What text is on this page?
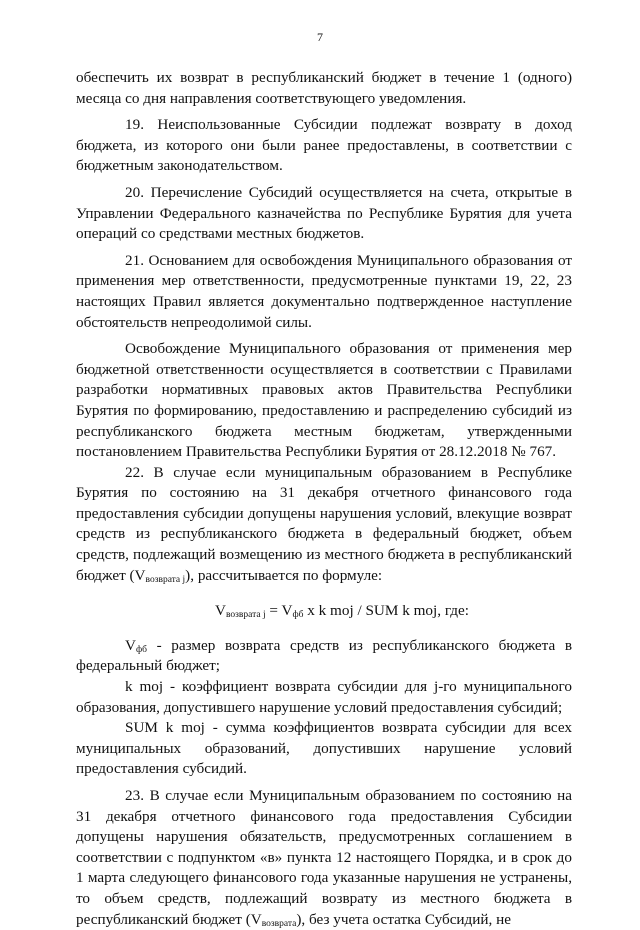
7

обеспечить их возврат в республиканский бюджет в течение 1 (одного) месяца со дня направления соответствующего уведомления.

19. Неиспользованные Субсидии подлежат возврату в доход бюджета, из которого они были ранее предоставлены, в соответствии с бюджетным законодательством.

20. Перечисление Субсидий осуществляется на счета, открытые в Управлении Федерального казначейства по Республике Бурятия для учета операций со средствами местных бюджетов.

21. Основанием для освобождения Муниципального образования от применения мер ответственности, предусмотренные пунктами 19, 22, 23 настоящих Правил является документально подтвержденное наступление обстоятельств непреодолимой силы.

Освобождение Муниципального образования от применения мер бюджетной ответственности осуществляется в соответствии с Правилами разработки нормативных правовых актов Правительства Республики Бурятия по формированию, предоставлению и распределению субсидий из республиканского бюджета местным бюджетам, утвержденными постановлением Правительства Республики Бурятия от 28.12.2018 № 767.

22. В случае если муниципальным образованием в Республике Бурятия по состоянию на 31 декабря отчетного финансового года предоставления субсидии допущены нарушения условий, влекущие возврат средств из республиканского бюджета в федеральный бюджет, объем средств, подлежащий возмещению из местного бюджета в республиканский бюджет $(V_{возврата j})$, рассчитывается по формуле:

$V_{возврата j} = V_{фб}$ x k moj / SUM k moj, где:

$V_{фб}$ - размер возврата средств из республиканского бюджета в федеральный бюджет;

k moj - коэффициент возврата субсидии для j-го муниципального образования, допустившего нарушение условий предоставления субсидий;

SUM k moj - сумма коэффициентов возврата субсидии для всех муниципальных образований, допустивших нарушение условий предоставления субсидий.

23. В случае если Муниципальным образованием по состоянию на 31 декабря отчетного финансового года предоставления Субсидии допущены нарушения обязательств, предусмотренных соглашением в соответствии с подпунктом «в» пункта 12 настоящего Порядка, и в срок до 1 марта следующего финансового года указанные нарушения не устранены, то объем средств, подлежащий возврату из местного бюджета в республиканский бюджет $(V_{возврата})$, без учета остатка Субсидий, не
